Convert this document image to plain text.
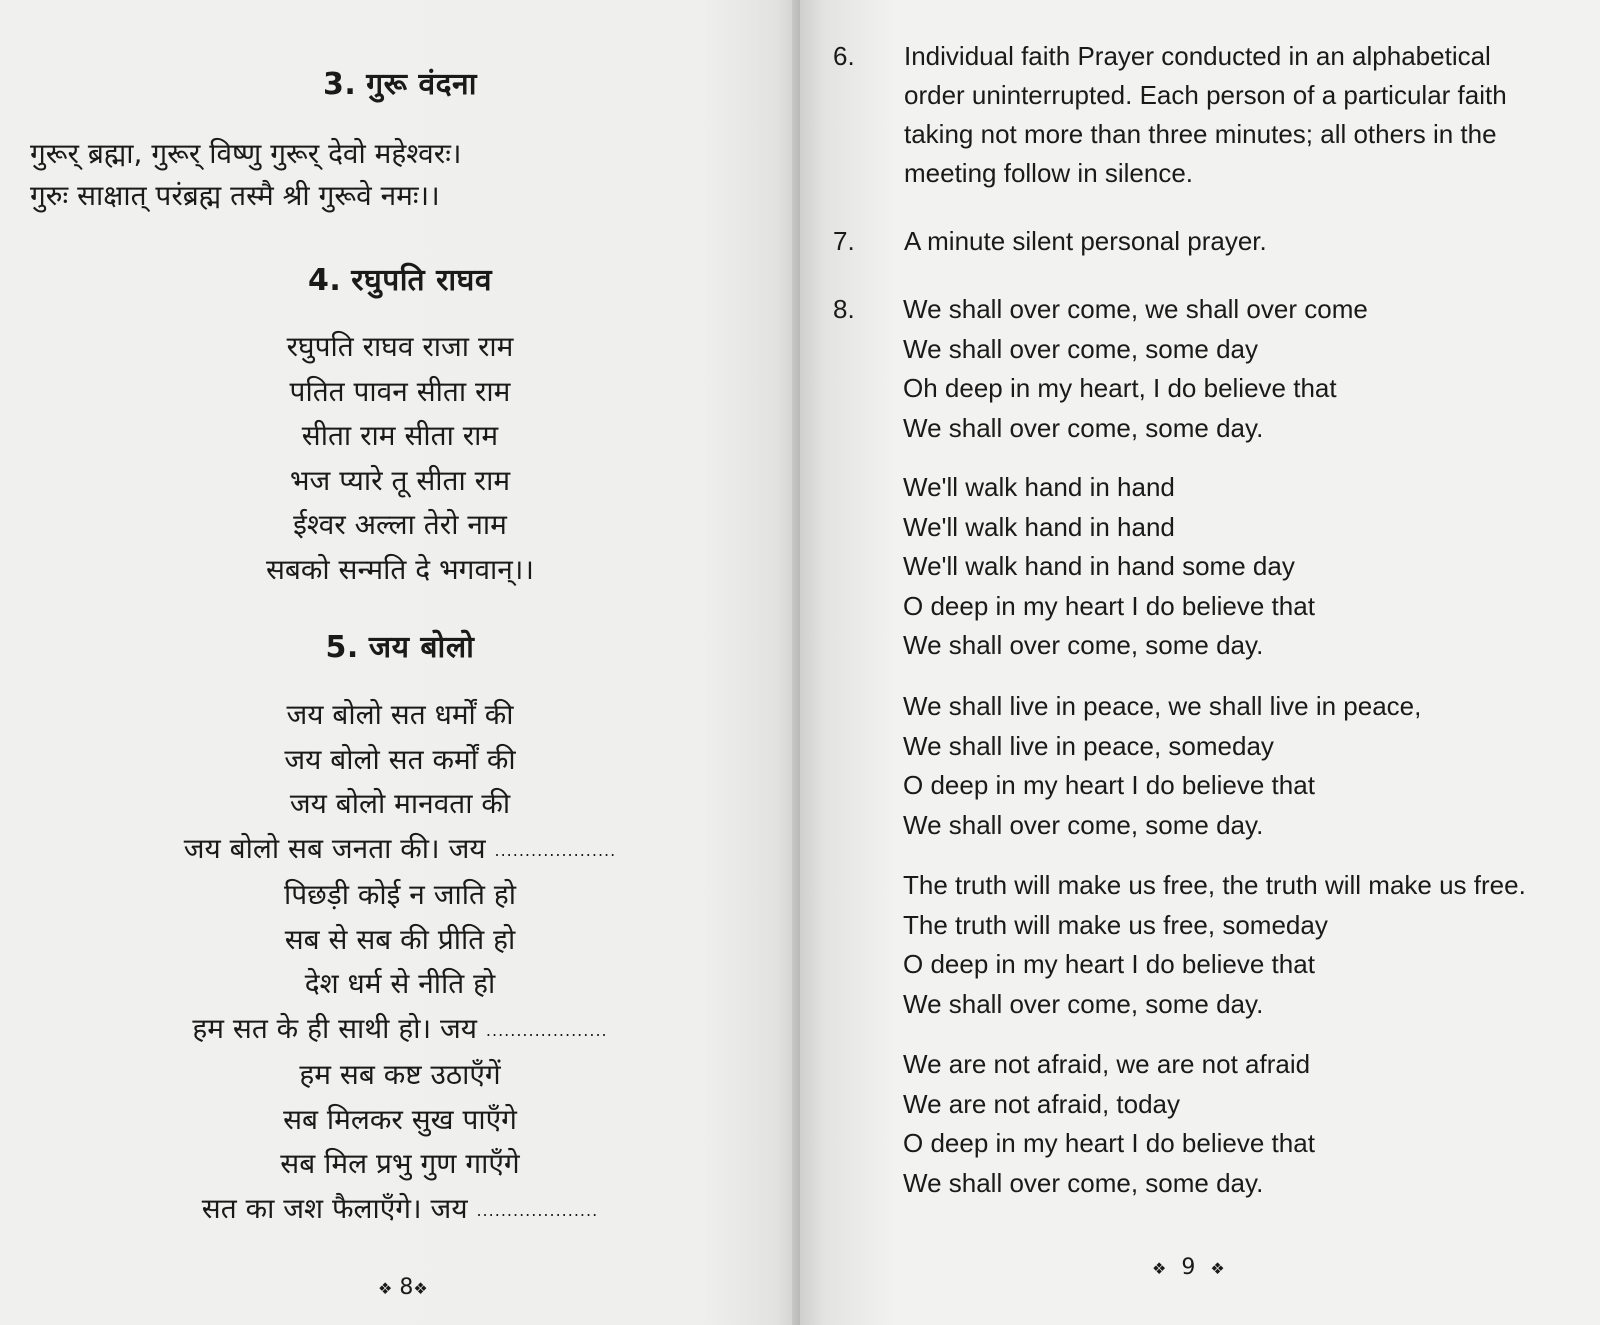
3. गुरू वंदना
गुरूर् ब्रह्मा, गुरूर् विष्णु गुरूर् देवो महेश्वरः।
गुरुः साक्षात् परंब्रह्म तस्मै श्री गुरूवे नमः।।
4. रघुपति राघव
रघुपति राघव राजा राम
पतित पावन सीता राम
सीता राम सीता राम
भज प्यारे तू सीता राम
ईश्वर अल्ला तेरो नाम
सबको सन्मति दे भगवान्।।
5. जय बोलो
जय बोलो सत धर्मों की
जय बोलो सत कर्मों की
जय बोलो मानवता की
जय बोलो सब जनता की। जय ....................
पिछड़ी कोई न जाति हो
सब से सब की प्रीति हो
देश धर्म से नीति हो
हम सत के ही साथी हो। जय ....................
हम सब कष्ट उठाएँगें
सब मिलकर सुख पाएँगे
सब मिल प्रभु गुण गाएँगे
सत का जश फैलाएँगे। जय ....................
❖ 8❖
6. Individual faith Prayer conducted in an alphabetical
order uninterrupted. Each person of a particular faith
taking not more than three minutes; all others in the
meeting follow in silence.
7. A minute silent personal prayer.
8. We shall over come, we shall over come
We shall over come, some day
Oh deep in my heart, I do believe that
We shall over come, some day.
We'll walk hand in hand
We'll walk hand in hand
We'll walk hand in hand some day
O deep in my heart I do believe that
We shall over come, some day.
We shall live in peace, we shall live in peace,
We shall live in peace, someday
O deep in my heart I do believe that
We shall over come, some day.
The truth will make us free, the truth will make us free.
The truth will make us free, someday
O deep in my heart I do believe that
We shall over come, some day.
We are not afraid, we are not afraid
We are not afraid, today
O deep in my heart I do believe that
We shall over come, some day.
❖ 9 ❖
